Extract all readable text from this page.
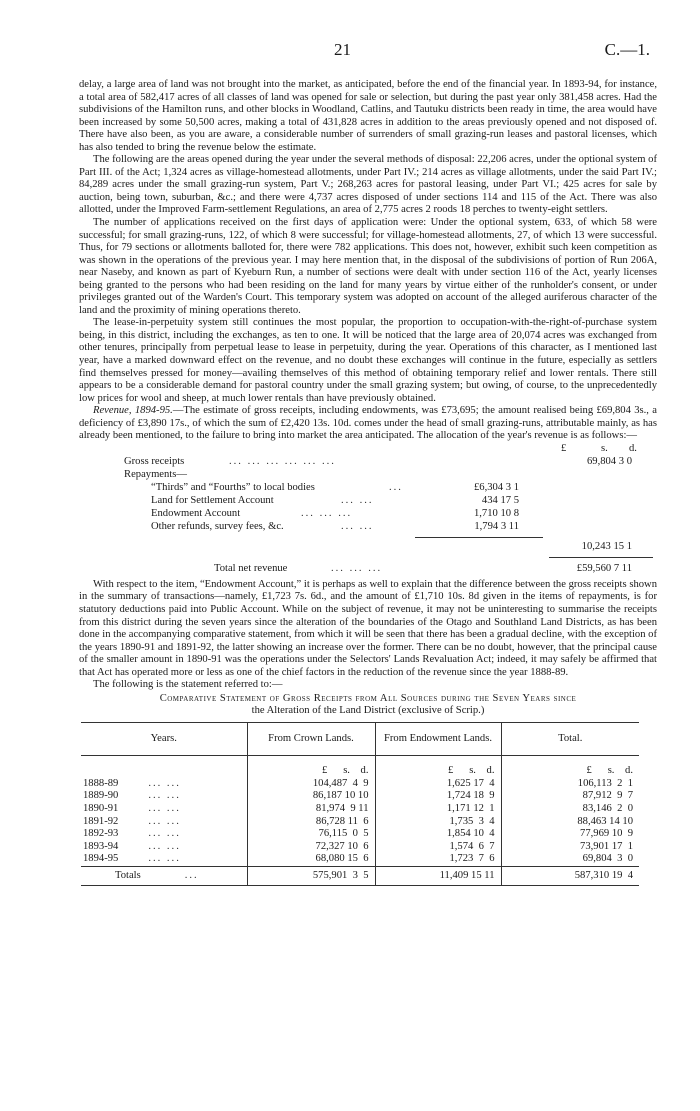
21	C.—1.

delay, a large area of land was not brought into the market, as anticipated, before the end of the financial year. In 1893-94, for instance, a total area of 582,417 acres of all classes of land was opened for sale or selection, but during the past year only 381,458 acres. Had the subdivisions of the Hamilton runs, and other blocks in Woodland, Catlins, and Tautuku districts been ready in time, the area would have been increased by some 50,500 acres, making a total of 431,828 acres in addition to the areas previously opened and not disposed of. There have also been, as you are aware, a considerable number of surrenders of small grazing-run leases and pastoral licenses, which has also tended to bring the revenue below the estimate.

The following are the areas opened during the year under the several methods of disposal: 22,206 acres, under the optional system of Part III. of the Act; 1,324 acres as village-homestead allotments, under Part IV.; 214 acres as village allotments, under the said Part IV.; 84,289 acres under the small grazing-run system, Part V.; 268,263 acres for pastoral leasing, under Part VI.; 425 acres for sale by auction, being town, suburban, &c.; and there were 4,737 acres disposed of under sections 114 and 115 of the Act. There was also allotted, under the Improved Farm-settlement Regulations, an area of 2,775 acres 2 roods 18 perches to twenty-eight settlers.

The number of applications received on the first days of application were: Under the optional system, 633, of which 58 were successful; for small grazing-runs, 122, of which 8 were successful; for village-homestead allotments, 27, of which 13 were successful. Thus, for 79 sections or allotments balloted for, there were 782 applications. This does not, however, exhibit such keen competition as was shown in the operations of the previous year. I may here mention that, in the disposal of the subdivisions of portion of Run 206A, near Naseby, and known as part of Kyeburn Run, a number of sections were dealt with under section 116 of the Act, yearly licenses being granted to the persons who had been residing on the land for many years by virtue either of the runholder's consent, or under privileges granted out of the Warden's Court. This temporary system was adopted on account of the alleged auriferous character of the land and the proximity of mining operations thereto.

The lease-in-perpetuity system still continues the most popular, the proportion to occupation-with-the-right-of-purchase system being, in this district, including the exchanges, as ten to one. It will be noticed that the large area of 20,074 acres was exchanged from other tenures, principally from perpetual lease to lease in perpetuity, during the year. Operations of this character, as I mentioned last year, have a marked downward effect on the revenue, and no doubt these exchanges will continue in the future, especially as settlers find themselves pressed for money—availing themselves of this method of obtaining temporary relief and lower rentals. There still appears to be a considerable demand for pastoral country under the small grazing system; but owing, of course, to the unprecedentedly low prices for wool and sheep, at much lower rentals than have previously obtained.

Revenue, 1894-95.—The estimate of gross receipts, including endowments, was £73,695; the amount realised being £69,804 3s., a deficiency of £3,890 17s., of which the sum of £2,420 13s. 10d. comes under the head of small grazing-runs, attributable mainly, as has already been mentioned, to the failure to bring into market the area anticipated. The allocation of the year's revenue is as follows:—

£	s.	d.
Gross receipts	... ... ... ... ... ...	69,804 3 0
Repayments—
“Thirds” and “Fourths” to local bodies	...	£6,304 3 1
Land for Settlement Account	... ...	434 17 5
Endowment Account	... ... ...	1,710 10 8
Other refunds, survey fees, &c.	... ...	1,794 3 11
10,243 15 1
Total net revenue	... ... ...	£59,560 7 11

With respect to the item, “Endowment Account,” it is perhaps as well to explain that the difference between the gross receipts shown in the summary of transactions—namely, £1,723 7s. 6d., and the amount of £1,710 10s. 8d given in the items of repayments, is for statutory deductions paid into Public Account. While on the subject of revenue, it may not be uninteresting to summarise the receipts from this district during the seven years since the alteration of the boundaries of the Otago and Southland Land Districts, as has been done in the accompanying comparative statement, from which it will be seen that there has been a gradual decline, with the exception of the years 1890-91 and 1891-92, the latter showing an increase over the former. There can be no doubt, however, that the principal cause of the smaller amount in 1890-91 was the operations under the Selectors' Lands Revaluation Act; indeed, it may safely be affirmed that that Act has operated more or less as one of the chief factors in the reduction of the revenue since the year 1888-89.

The following is the statement referred to:—

Comparative Statement of Gross Receipts from All Sources during the Seven Years since
the Alteration of the Land District (exclusive of Scrip.)
Years.	From Crown Lands.	From Endowment Lands.	Total.
	£      s.    d.	£      s.    d.	£      s.    d.
1888-89 ... ...	104,487  4  9	1,625 17  4	106,113  2  1
1889-90 ... ...	86,187 10 10	1,724 18  9	87,912  9  7
1890-91 ... ...	81,974  9 11	1,171 12  1	83,146  2  0
1891-92 ... ...	86,728 11  6	1,735  3  4	88,463 14 10
1892-93 ... ...	76,115  0  5	1,854 10  4	77,969 10  9
1893-94 ... ...	72,327 10  6	1,574  6  7	73,901 17  1
1894-95 ... ...	68,080 15  6	1,723  7  6	69,804  3  0
Totals ...	575,901  3  5	11,409 15 11	587,310 19  4
